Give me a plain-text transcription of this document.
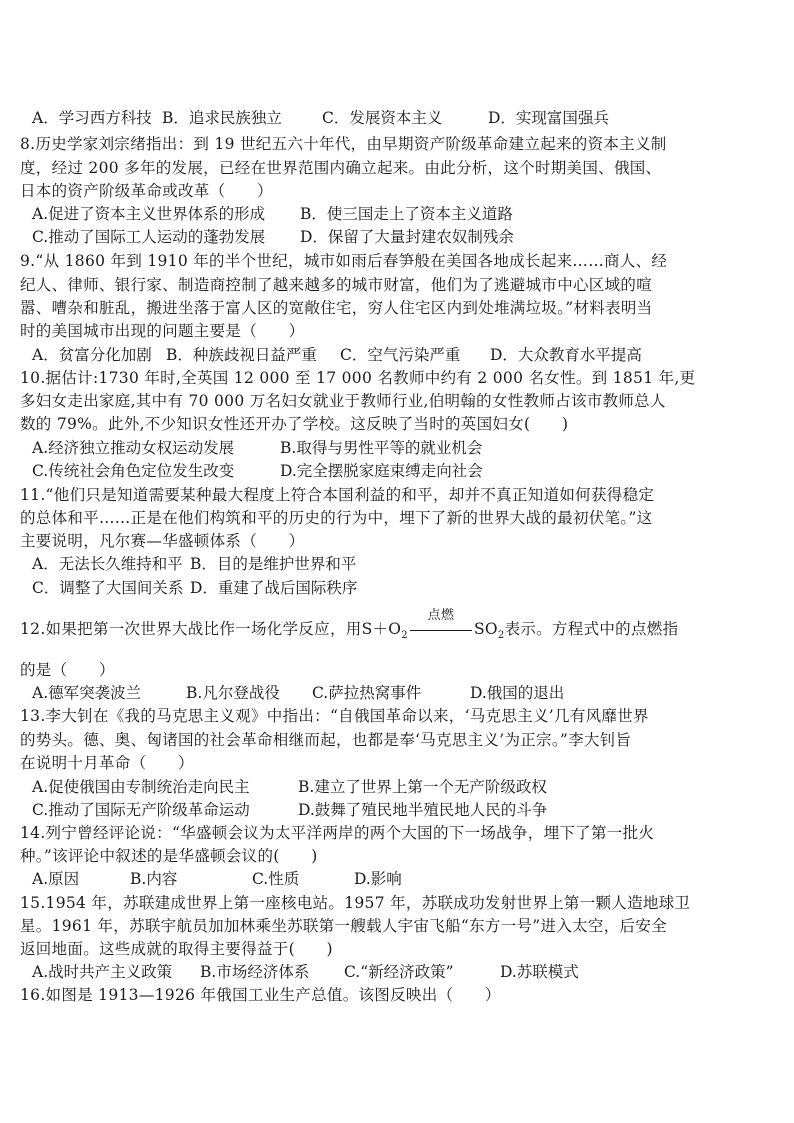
A．学习西方科技 B．追求民族独立	C．发展资本主义	D．实现富国强兵
8.历史学家刘宗绪指出：到 19 世纪五六十年代，由早期资产阶级革命建立起来的资本主义制
度，经过 200 多年的发展，已经在世界范围内确立起来。由此分析，这个时期美国、俄国、
日本的资产阶级革命或改革（　　）
A.促进了资本主义世界体系的形成 B．使三国走上了资本主义道路
C.推动了国际工人运动的蓬勃发展 D．保留了大量封建农奴制残余
9.“从 1860 年到 1910 年的半个世纪，城市如雨后春笋般在美国各地成长起来……商人、经
纪人、律师、银行家、制造商控制了越来越多的城市财富，他们为了逃避城市中心区域的喧
嚣、嘈杂和脏乱，搬进坐落于富人区的宽敞住宅，穷人住宅区内到处堆满垃圾。”材料表明当
时的美国城市出现的问题主要是（　　）
A．贫富分化加剧 B．种族歧视日益严重 C．空气污染严重 D．大众教育水平提高
10.据估计:1730 年时,全英国 12 000 至 17 000 名教师中约有 2 000 名女性。到 1851 年,更
多妇女走出家庭,其中有 70 000 万名妇女就业于教师行业,伯明翰的女性教师占该市教师总人
数的 79%。此外,不少知识女性还开办了学校。这反映了当时的英国妇女(　　)
A.经济独立推动女权运动发展	B.取得与男性平等的就业机会
C.传统社会角色定位发生改变	D.完全摆脱家庭束缚走向社会
11.“他们只是知道需要某种最大程度上符合本国利益的和平，却并不真正知道如何获得稳定
的总体和平……正是在他们构筑和平的历史的行为中，埋下了新的世界大战的最初伏笔。”这
主要说明，凡尔赛—华盛顿体系（　　）
A．无法长久维持和平 B．目的是维护世界和平
C．调整了大国间关系 D．重建了战后国际秩序
12.如果把第一次世界大战比作一场化学反应，用$S+O_2$
点燃
$SO_2$表示。方程式中的点燃指
的是（　　）
A.德军突袭波兰	B.凡尔登战役 C.萨拉热窝事件	D.俄国的退出
13.李大钊在《我的马克思主义观》中指出：“自俄国革命以来，‘马克思主义’几有风靡世界
的势头。德、奥、匈诸国的社会革命相继而起，也都是奉‘马克思主义’为正宗。”李大钊旨
在说明十月革命（　　）
A.促使俄国由专制统治走向民主	B.建立了世界上第一个无产阶级政权
C.推动了国际无产阶级革命运动	D.鼓舞了殖民地半殖民地人民的斗争
14.列宁曾经评论说：“华盛顿会议为太平洋两岸的两个大国的下一场战争，埋下了第一批火
种。”该评论中叙述的是华盛顿会议的(　　)
A.原因	B.内容	C.性质	D.影响
15.1954 年，苏联建成世界上第一座核电站。1957 年，苏联成功发射世界上第一颗人造地球卫
星。1961 年，苏联宇航员加加林乘坐苏联第一艘载人宇宙飞船“东方一号”进入太空，后安全
返回地面。这些成就的取得主要得益于(　　)
A.战时共产主义政策 B.市场经济体系 C.“新经济政策”	D.苏联模式
16.如图是 1913—1926 年俄国工业生产总值。该图反映出（　　）
